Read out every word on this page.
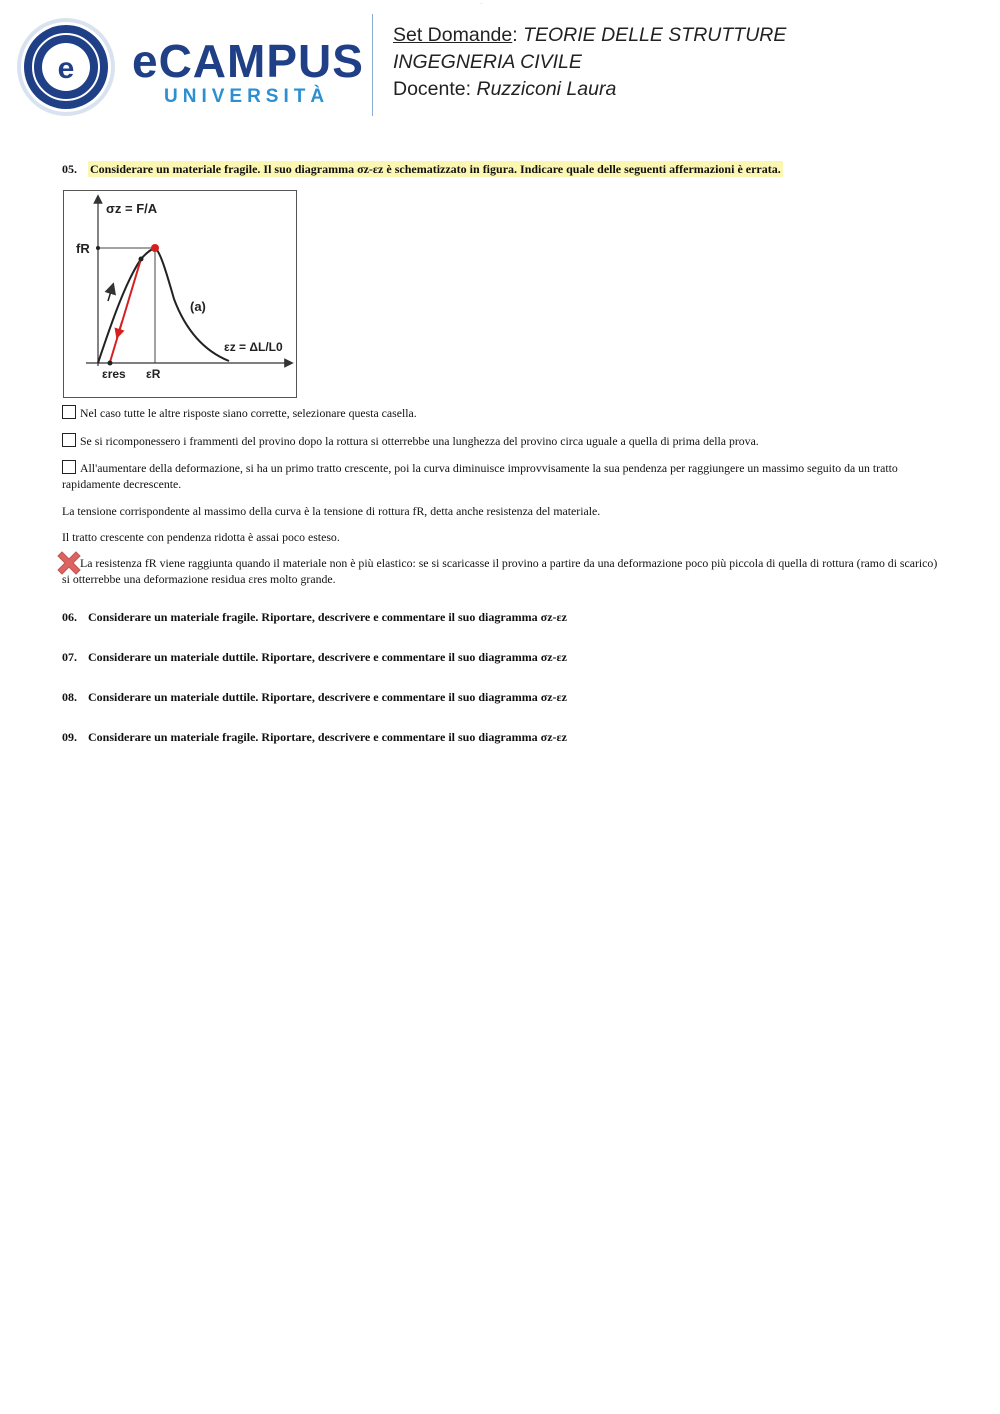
...
e eCAMPUS
UNIVERSITÀ
Set Domande: TEORIE DELLE STRUTTURE
INGEGNERIA CIVILE
Docente: Ruzziconi Laura
05. Considerare un materiale fragile. Il suo diagramma σz-εz è schematizzato in figura. Indicare quale delle seguenti affermazioni è errata.
σz = F/A
fR
(a)
εz = ΔL/L0
εres εR
Nel caso tutte le altre risposte siano corrette, selezionare questa casella.
Se si ricomponessero i frammenti del provino dopo la rottura si otterrebbe una lunghezza del provino circa uguale a quella di prima della prova.
All'aumentare della deformazione, si ha un primo tratto crescente, poi la curva diminuisce improvvisamente la sua pendenza per raggiungere un massimo seguito da un tratto rapidamente decrescente.
La tensione corrispondente al massimo della curva è la tensione di rottura fR, detta anche resistenza del materiale.
Il tratto crescente con pendenza ridotta è assai poco esteso.
La resistenza fR viene raggiunta quando il materiale non è più elastico: se si scaricasse il provino a partire da una deformazione poco più piccola di quella di rottura (ramo di scarico) si otterrebbe una deformazione residua εres molto grande.
06. Considerare un materiale fragile. Riportare, descrivere e commentare il suo diagramma σz-εz
07. Considerare un materiale duttile. Riportare, descrivere e commentare il suo diagramma σz-εz
08. Considerare un materiale duttile. Riportare, descrivere e commentare il suo diagramma σz-εz
09. Considerare un materiale fragile. Riportare, descrivere e commentare il suo diagramma σz-εz
